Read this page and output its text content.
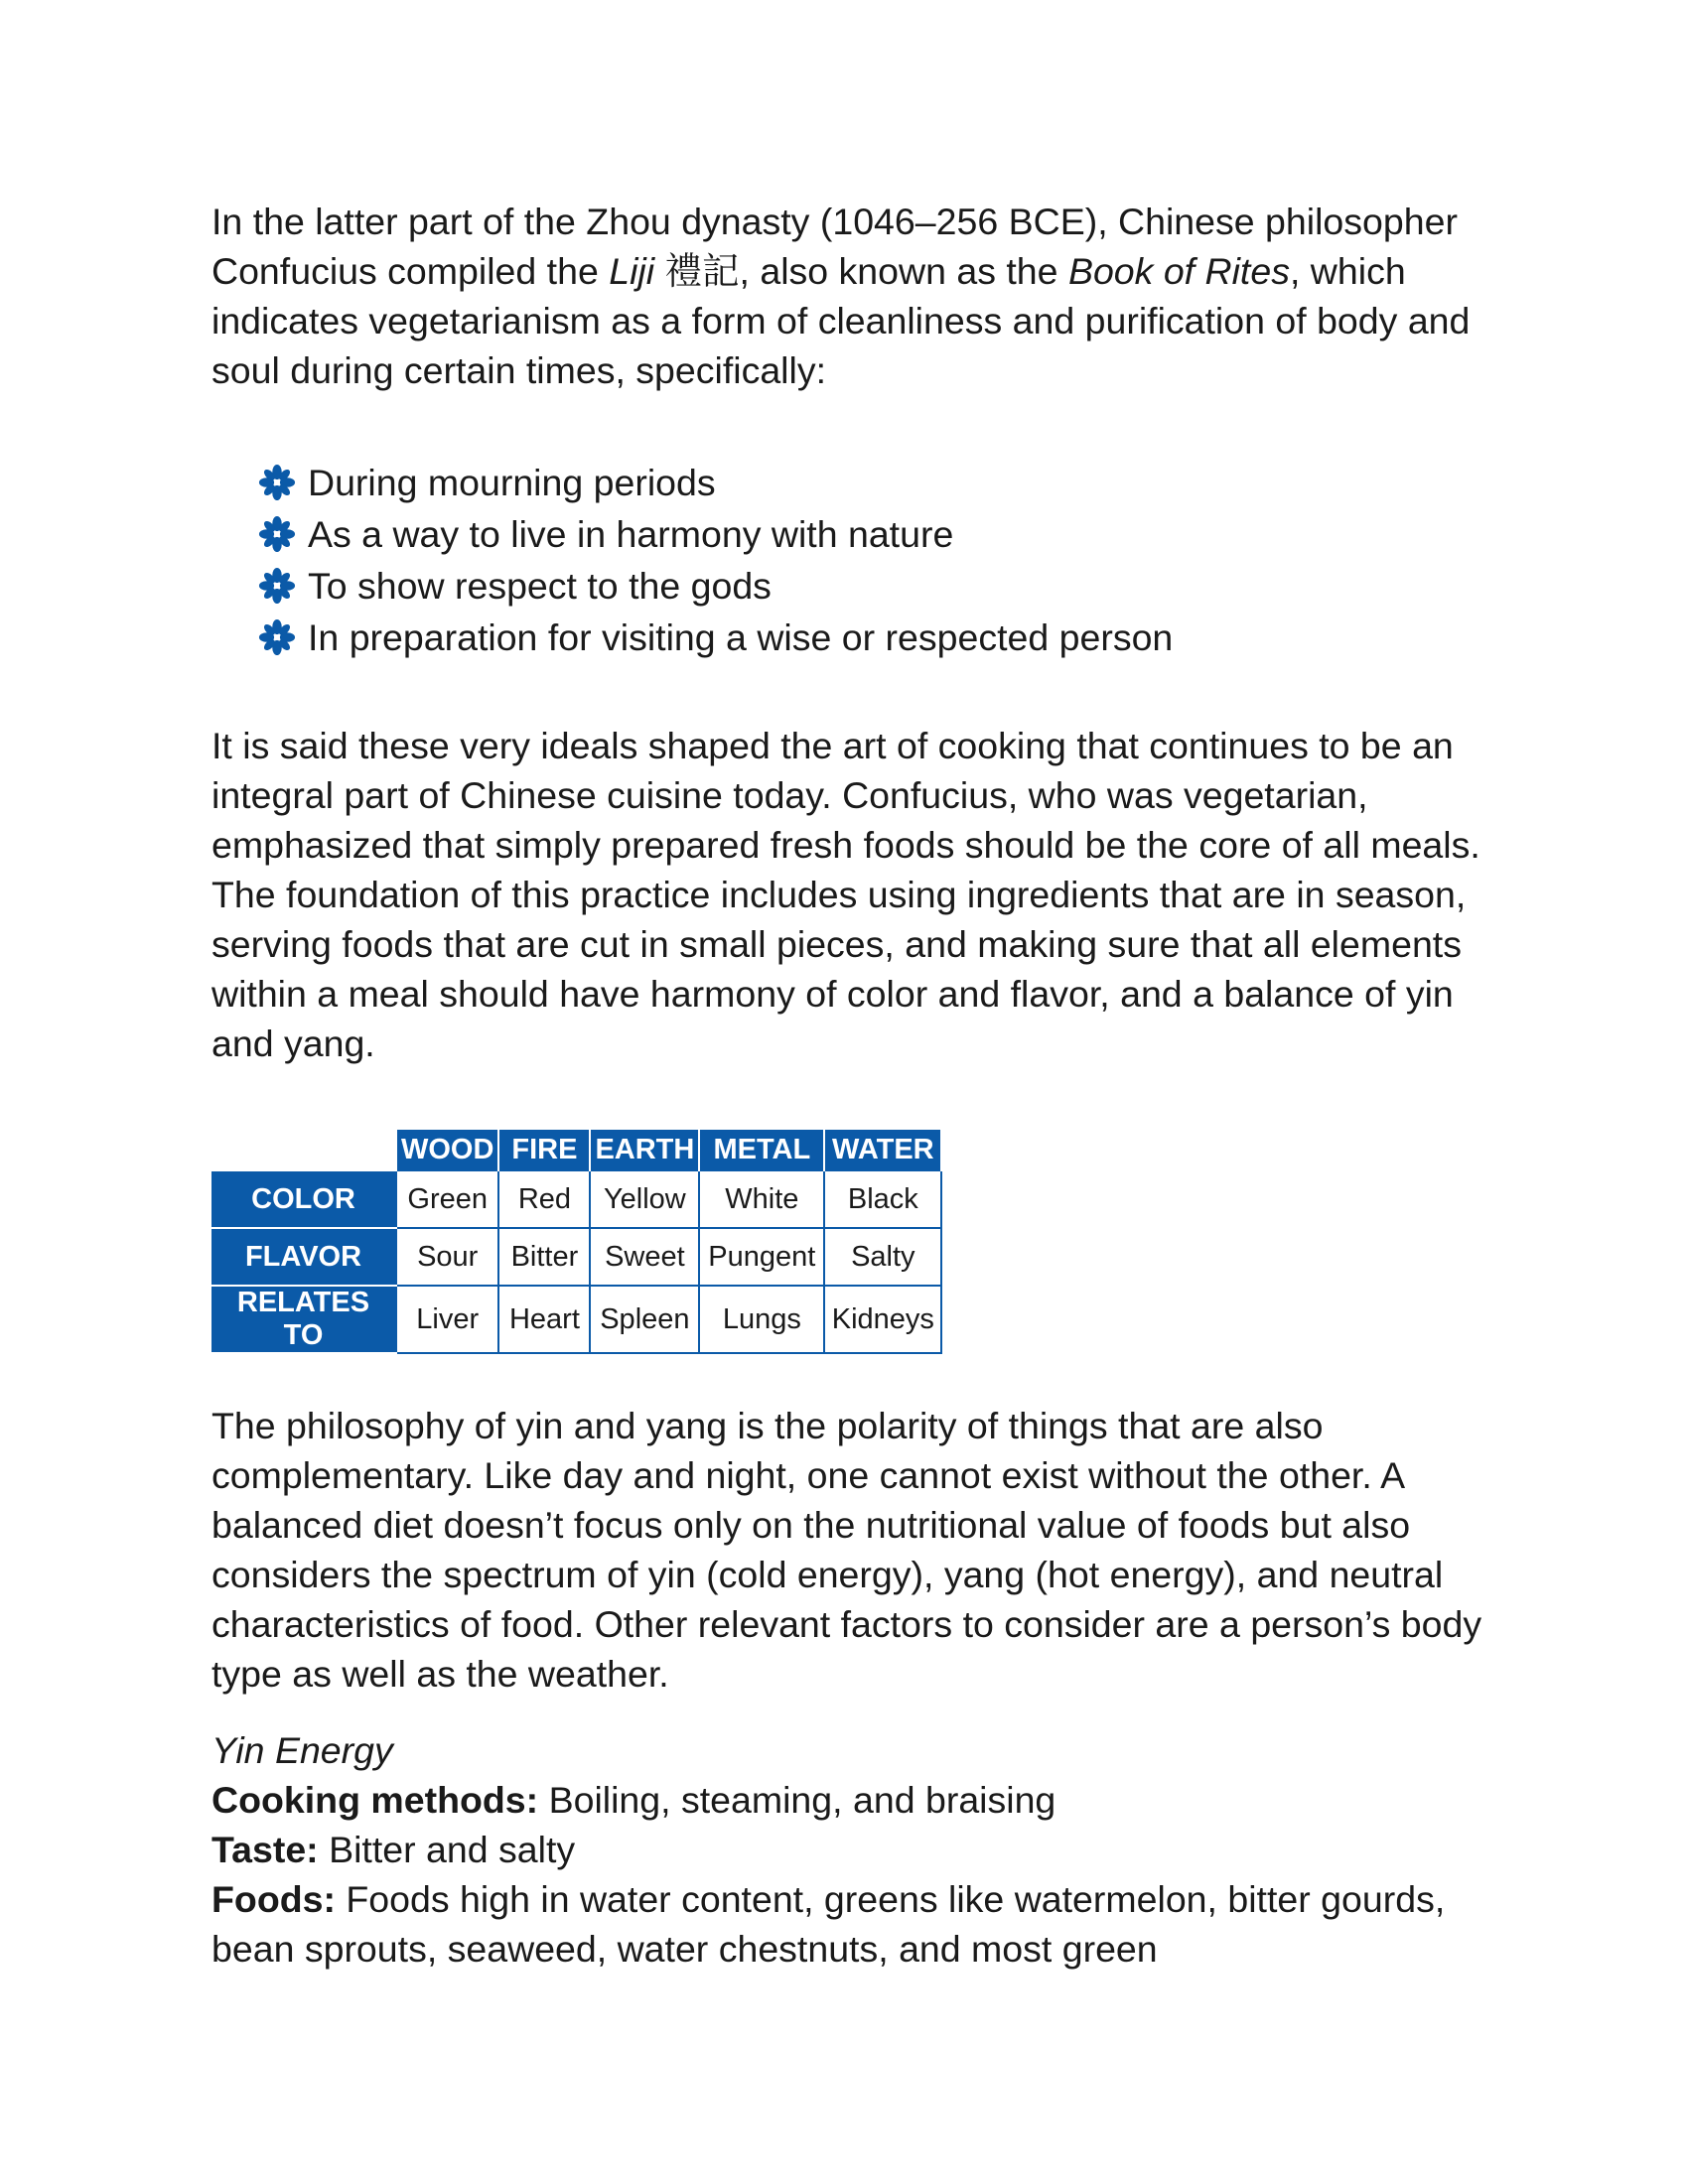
In the latter part of the Zhou dynasty (1046–256 BCE), Chinese philosopher Confucius compiled the Liji 禮記, also known as the Book of Rites, which indicates vegetarianism as a form of cleanliness and purification of body and soul during certain times, specifically:

During mourning periods
As a way to live in harmony with nature
To show respect to the gods
In preparation for visiting a wise or respected person

It is said these very ideals shaped the art of cooking that continues to be an integral part of Chinese cuisine today. Confucius, who was vegetarian, emphasized that simply prepared fresh foods should be the core of all meals. The foundation of this practice includes using ingredients that are in season, serving foods that are cut in small pieces, and making sure that all elements within a meal should have harmony of color and flavor, and a balance of yin and yang.

	WOOD	FIRE	EARTH	METAL	WATER
COLOR	Green	Red	Yellow	White	Black
FLAVOR	Sour	Bitter	Sweet	Pungent	Salty
RELATES TO	Liver	Heart	Spleen	Lungs	Kidneys

The philosophy of yin and yang is the polarity of things that are also complementary. Like day and night, one cannot exist without the other. A balanced diet doesn’t focus only on the nutritional value of foods but also considers the spectrum of yin (cold energy), yang (hot energy), and neutral characteristics of food. Other relevant factors to consider are a person’s body type as well as the weather.

Yin Energy

Cooking methods: Boiling, steaming, and braising

Taste: Bitter and salty

Foods: Foods high in water content, greens like watermelon, bitter gourds, bean sprouts, seaweed, water chestnuts, and most green
